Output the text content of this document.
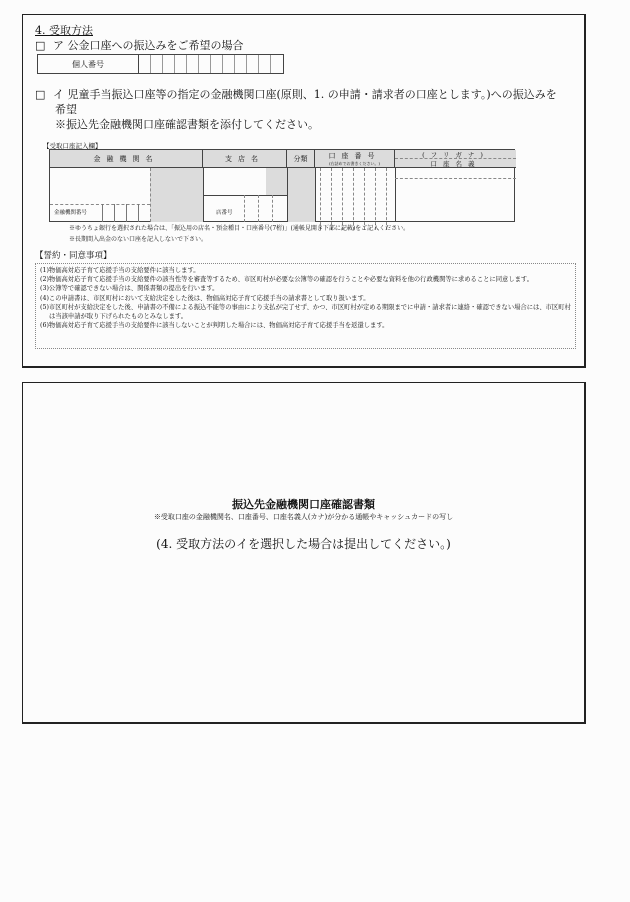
4. 受取方法
□ ア 公金口座への振込みをご希望の場合
個人番号
□ イ 児童手当振込口座等の指定の金融機関口座(原則、1. の申請・請求者の口座とします。)への振込みを
希望
※振込先金融機関口座確認書類を添付してください。
【受取口座記入欄】
金融機関名	支店名	分類	口座番号
(右詰めでお書きください。)
(フリガナ)
口座名義
金融機関番号	店番号
※ゆうちょ銀行を選択された場合は、「振込用の店名・預金種目・口座番号(7桁)」(通帳見開き下部に記載)をご記入ください。
※長期間入出金のない口座を記入しないで下さい。
【誓約・同意事項】
(1)物価高対応子育て応援手当の支給要件に該当します。
(2)物価高対応子育て応援手当の支給要件の該当性等を審査等するため、市区町村が必要な公簿等の確認を行うことや必要な資料を他の行政機関等に求めることに同意します。
(3)公簿等で確認できない場合は、関係書類の提出を行います。
(4)この申請書は、市区町村において支給決定をした後は、物価高対応子育て応援手当の請求書として取り扱います。
(5)市区町村が支給決定をした後、申請書の不備による振込不能等の事由により支払が完了せず、かつ、市区町村が定める期限までに申請・請求者に連絡・確認できない場合には、市区町村は当該申請が取り下げられたものとみなします。
(6)物価高対応子育て応援手当の支給要件に該当しないことが判明した場合には、物価高対応子育て応援手当を返還します。
振込先金融機関口座確認書類
※受取口座の金融機関名、口座番号、口座名義人(カナ)が分かる通帳やキャッシュカードの写し
(4. 受取方法のイを選択した場合は提出してください。)
